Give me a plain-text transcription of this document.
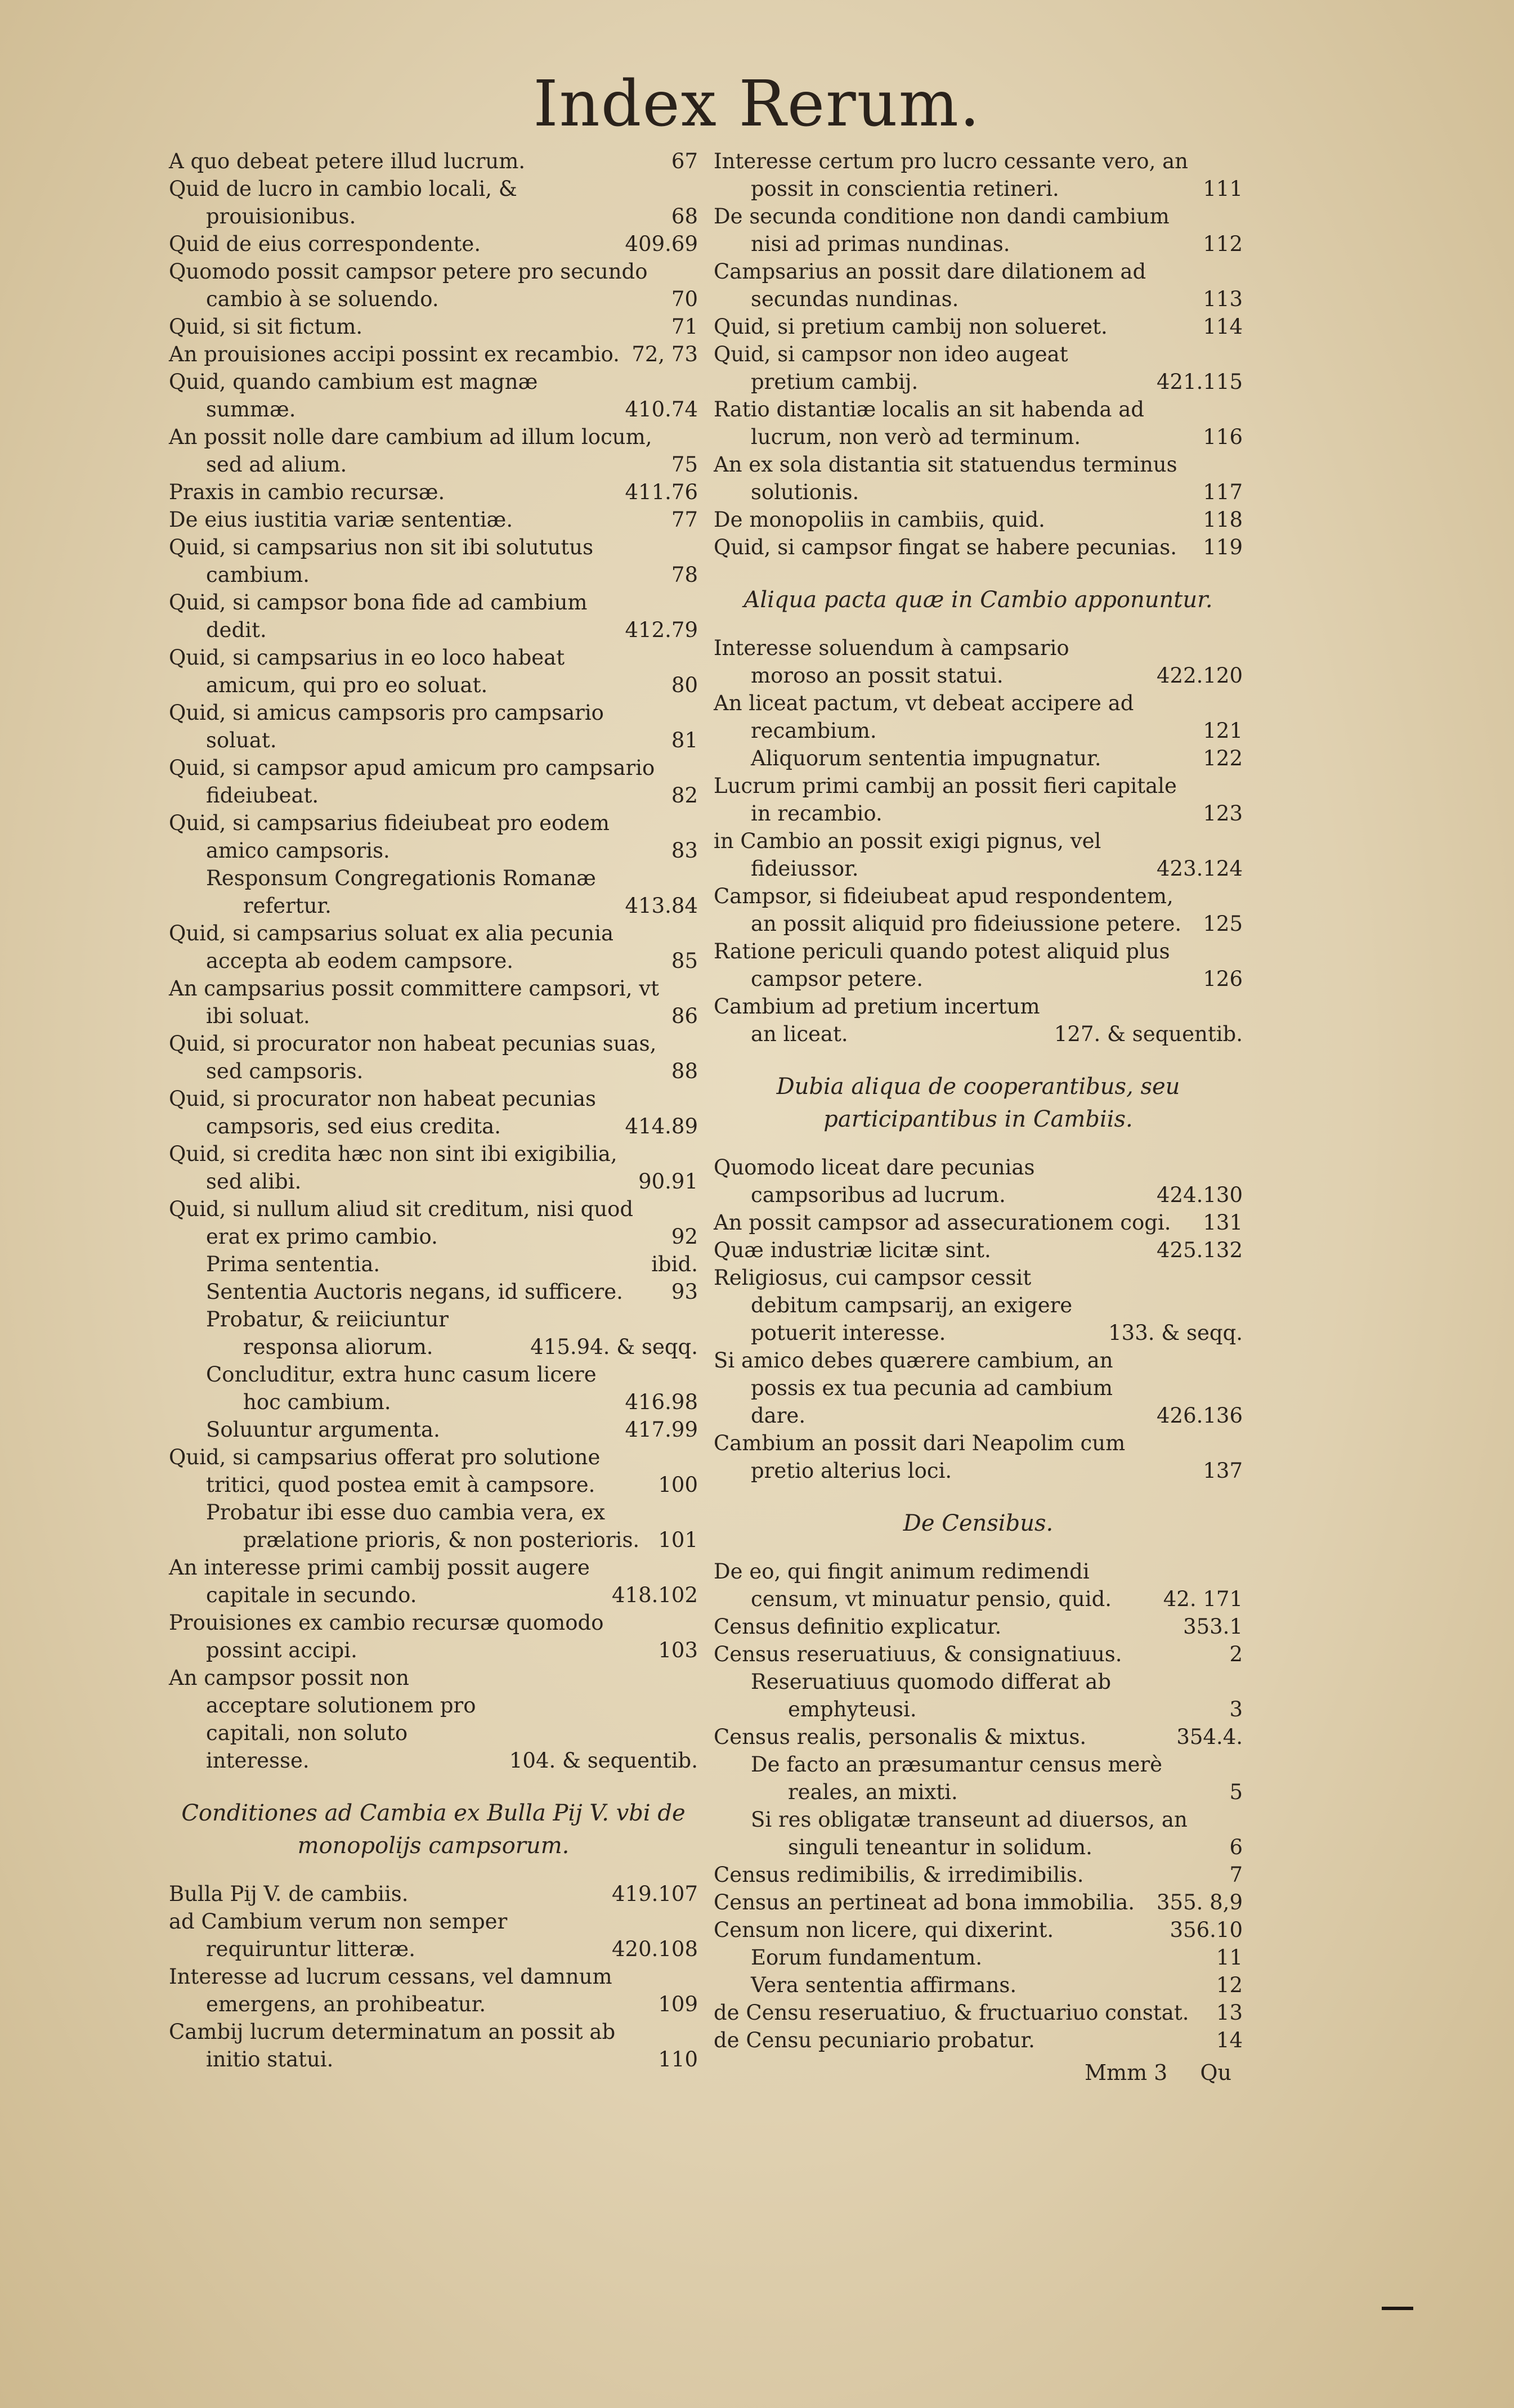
Index Rerum.
A quo debeat petere illud lucrum.	67
Quid de lucro in cambio locali, & prouisionibus.	68
Quid de eius correspondente.	409.69
Quomodo possit campsor petere pro secundo cambio à se soluendo.	70
Quid, si sit fictum.	71
An prouisiones accipi possint ex recambio. 72, 73
Quid, quando cambium est magnæ summæ.	410.74
An possit nolle dare cambium ad illum locum, sed ad alium.	75
Praxis in cambio recursæ.	411.76
De eius iustitia variæ sententiæ.	77
Quid, si campsarius non sit ibi solututus cambium.	78
Quid, si campsor bona fide ad cambium dedit.	412.79
Quid, si campsarius in eo loco habeat amicum, qui pro eo soluat.	80
Quid, si amicus campsoris pro campsario soluat.	81
Quid, si campsor apud amicum pro campsario fideiubeat.	82
Quid, si campsarius fideiubeat pro eodem amico campsoris.	83
Responsum Congregationis Romanæ refertur.	413.84
Quid, si campsarius soluat ex alia pecunia accepta ab eodem campsore.	85
An campsarius possit committere campsori, vt ibi soluat.	86
Quid, si procurator non habeat pecunias suas, sed campsoris.	88
Quid, si procurator non habeat pecunias campsoris, sed eius credita.	414.89
Quid, si credita hæc non sint ibi exigibilia, sed alibi.	90.91
Quid, si nullum aliud sit creditum, nisi quod erat ex primo cambio.	92
Prima sententia.	ibid.
Sententia Auctoris negans, id sufficere.	93
Probatur, & reiiciuntur responsa aliorum.	415.94. & seqq.
Concluditur, extra hunc casum licere hoc cambium.	416.98
Soluuntur argumenta.	417.99
Quid, si campsarius offerat pro solutione tritici, quod postea emit à campsore.	100
Probatur ibi esse duo cambia vera, ex prælatione prioris, & non posterioris. 101
An interesse primi cambij possit augere capitale in secundo.	418.102
Prouisiones ex cambio recursæ quomodo possint accipi.	103
An campsor possit non acceptare solutionem pro capitali, non soluto interesse.	104. & sequentib.
Conditiones ad Cambia ex Bulla Pij V. vbi de monopolijs campsorum.
Bulla Pij V. de cambiis.	419.107
ad Cambium verum non semper requiruntur litteræ.	420.108
Interesse ad lucrum cessans, vel damnum emergens, an prohibeatur.	109
Cambij lucrum determinatum an possit ab initio statui.	110
Interesse certum pro lucro cessante vero, an possit in conscientia retineri.	111
De secunda conditione non dandi cambium nisi ad primas nundinas.	112
Campsarius an possit dare dilationem ad secundas nundinas.	113
Quid, si pretium cambij non solueret.	114
Quid, si campsor non ideo augeat pretium cambij.	421.115
Ratio distantiæ localis an sit habenda ad lucrum, non verò ad terminum.	116
An ex sola distantia sit statuendus terminus solutionis.	117
De monopoliis in cambiis, quid.	118
Quid, si campsor fingat se habere pecunias.	119
Aliqua pacta quæ in Cambio apponuntur.
Interesse soluendum à campsario moroso an possit statui.	422.120
An liceat pactum, vt debeat accipere ad recambium.	121
Aliquorum sententia impugnatur.	122
Lucrum primi cambij an possit fieri capitale in recambio.	123
in Cambio an possit exigi pignus, vel fideiussor.	423.124
Campsor, si fideiubeat apud respondentem, an possit aliquid pro fideiussione petere.	125
Ratione periculi quando potest aliquid plus campsor petere.	126
Cambium ad pretium incertum an liceat.	127. & sequentib.
Dubia aliqua de cooperantibus, seu participantibus in Cambiis.
Quomodo liceat dare pecunias campsoribus ad lucrum.	424.130
An possit campsor ad assecurationem cogi.	131
Quæ industriæ licitæ sint.	425.132
Religiosus, cui campsor cessit debitum campsarij, an exigere potuerit interesse.	133. & seqq.
Si amico debes quærere cambium, an possis ex tua pecunia ad cambium dare.	426.136
Cambium an possit dari Neapolim cum pretio alterius loci.	137
De Censibus.
De eo, qui fingit animum redimendi censum, vt minuatur pensio, quid.	42. 171
Census definitio explicatur.	353.1
Census reseruatiuus, & consignatiuus.	2
Reseruatiuus quomodo differat ab emphyteusi.	3
Census realis, personalis & mixtus.	354.4.
De facto an præsumantur census merè reales, an mixti.	5
Si res obligatæ transeunt ad diuersos, an singuli teneantur in solidum.	6
Census redimibilis, & irredimibilis.	7
Census an pertineat ad bona immobilia.	355. 8,9
Censum non licere, qui dixerint.	356.10
Eorum fundamentum.	11
Vera sententia affirmans.	12
de Censu reseruatiuo, & fructuariuo constat.	13
de Censu pecuniario probatur.	14
Mmm 3 Qu
